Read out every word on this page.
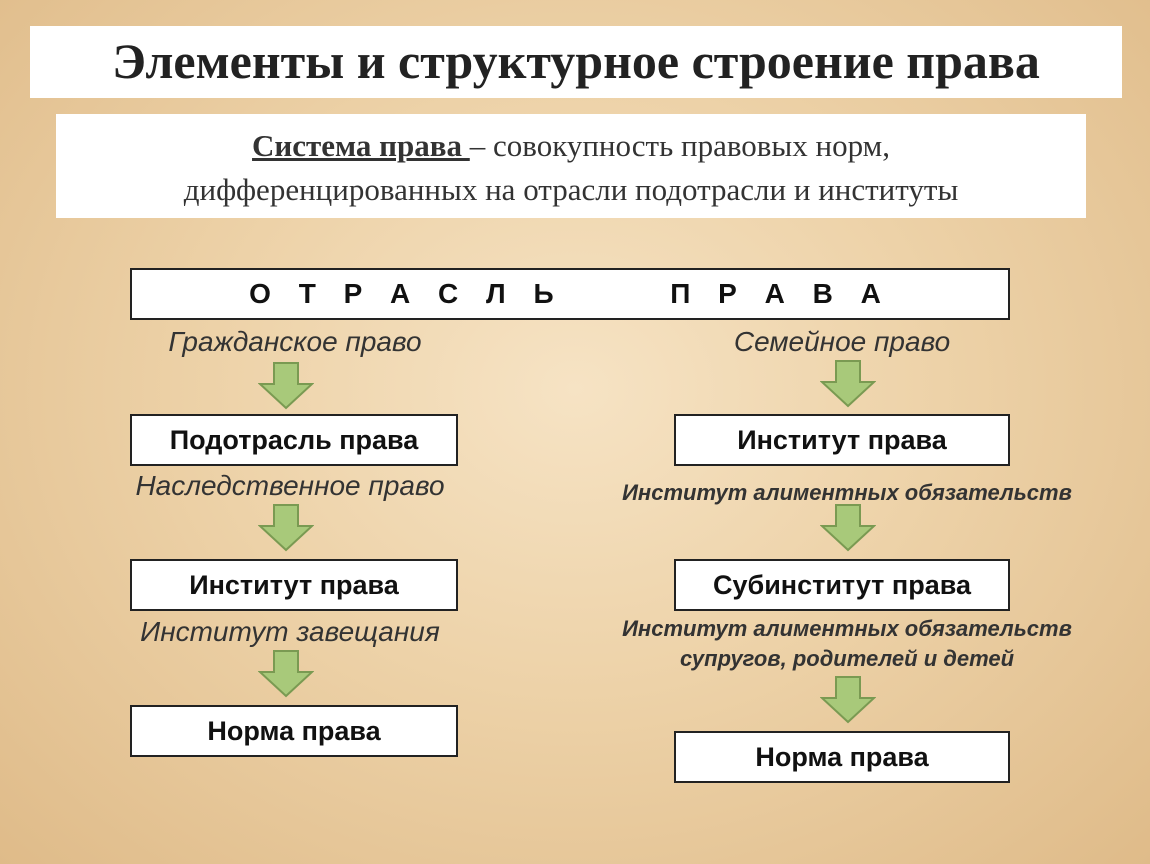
Элементы и структурное строение права
Система права – совокупность правовых норм,
дифференцированных на отрасли подотрасли и институты
О Т Р А С Л Ь      П Р А В А
Гражданское право
Подотрасль права
Наследственное право
Институт права
Институт завещания
Норма права
Семейное право
Институт права
Институт алиментных обязательств
Субинститут права
Институт алиментных обязательств
супругов, родителей и детей
Норма права
